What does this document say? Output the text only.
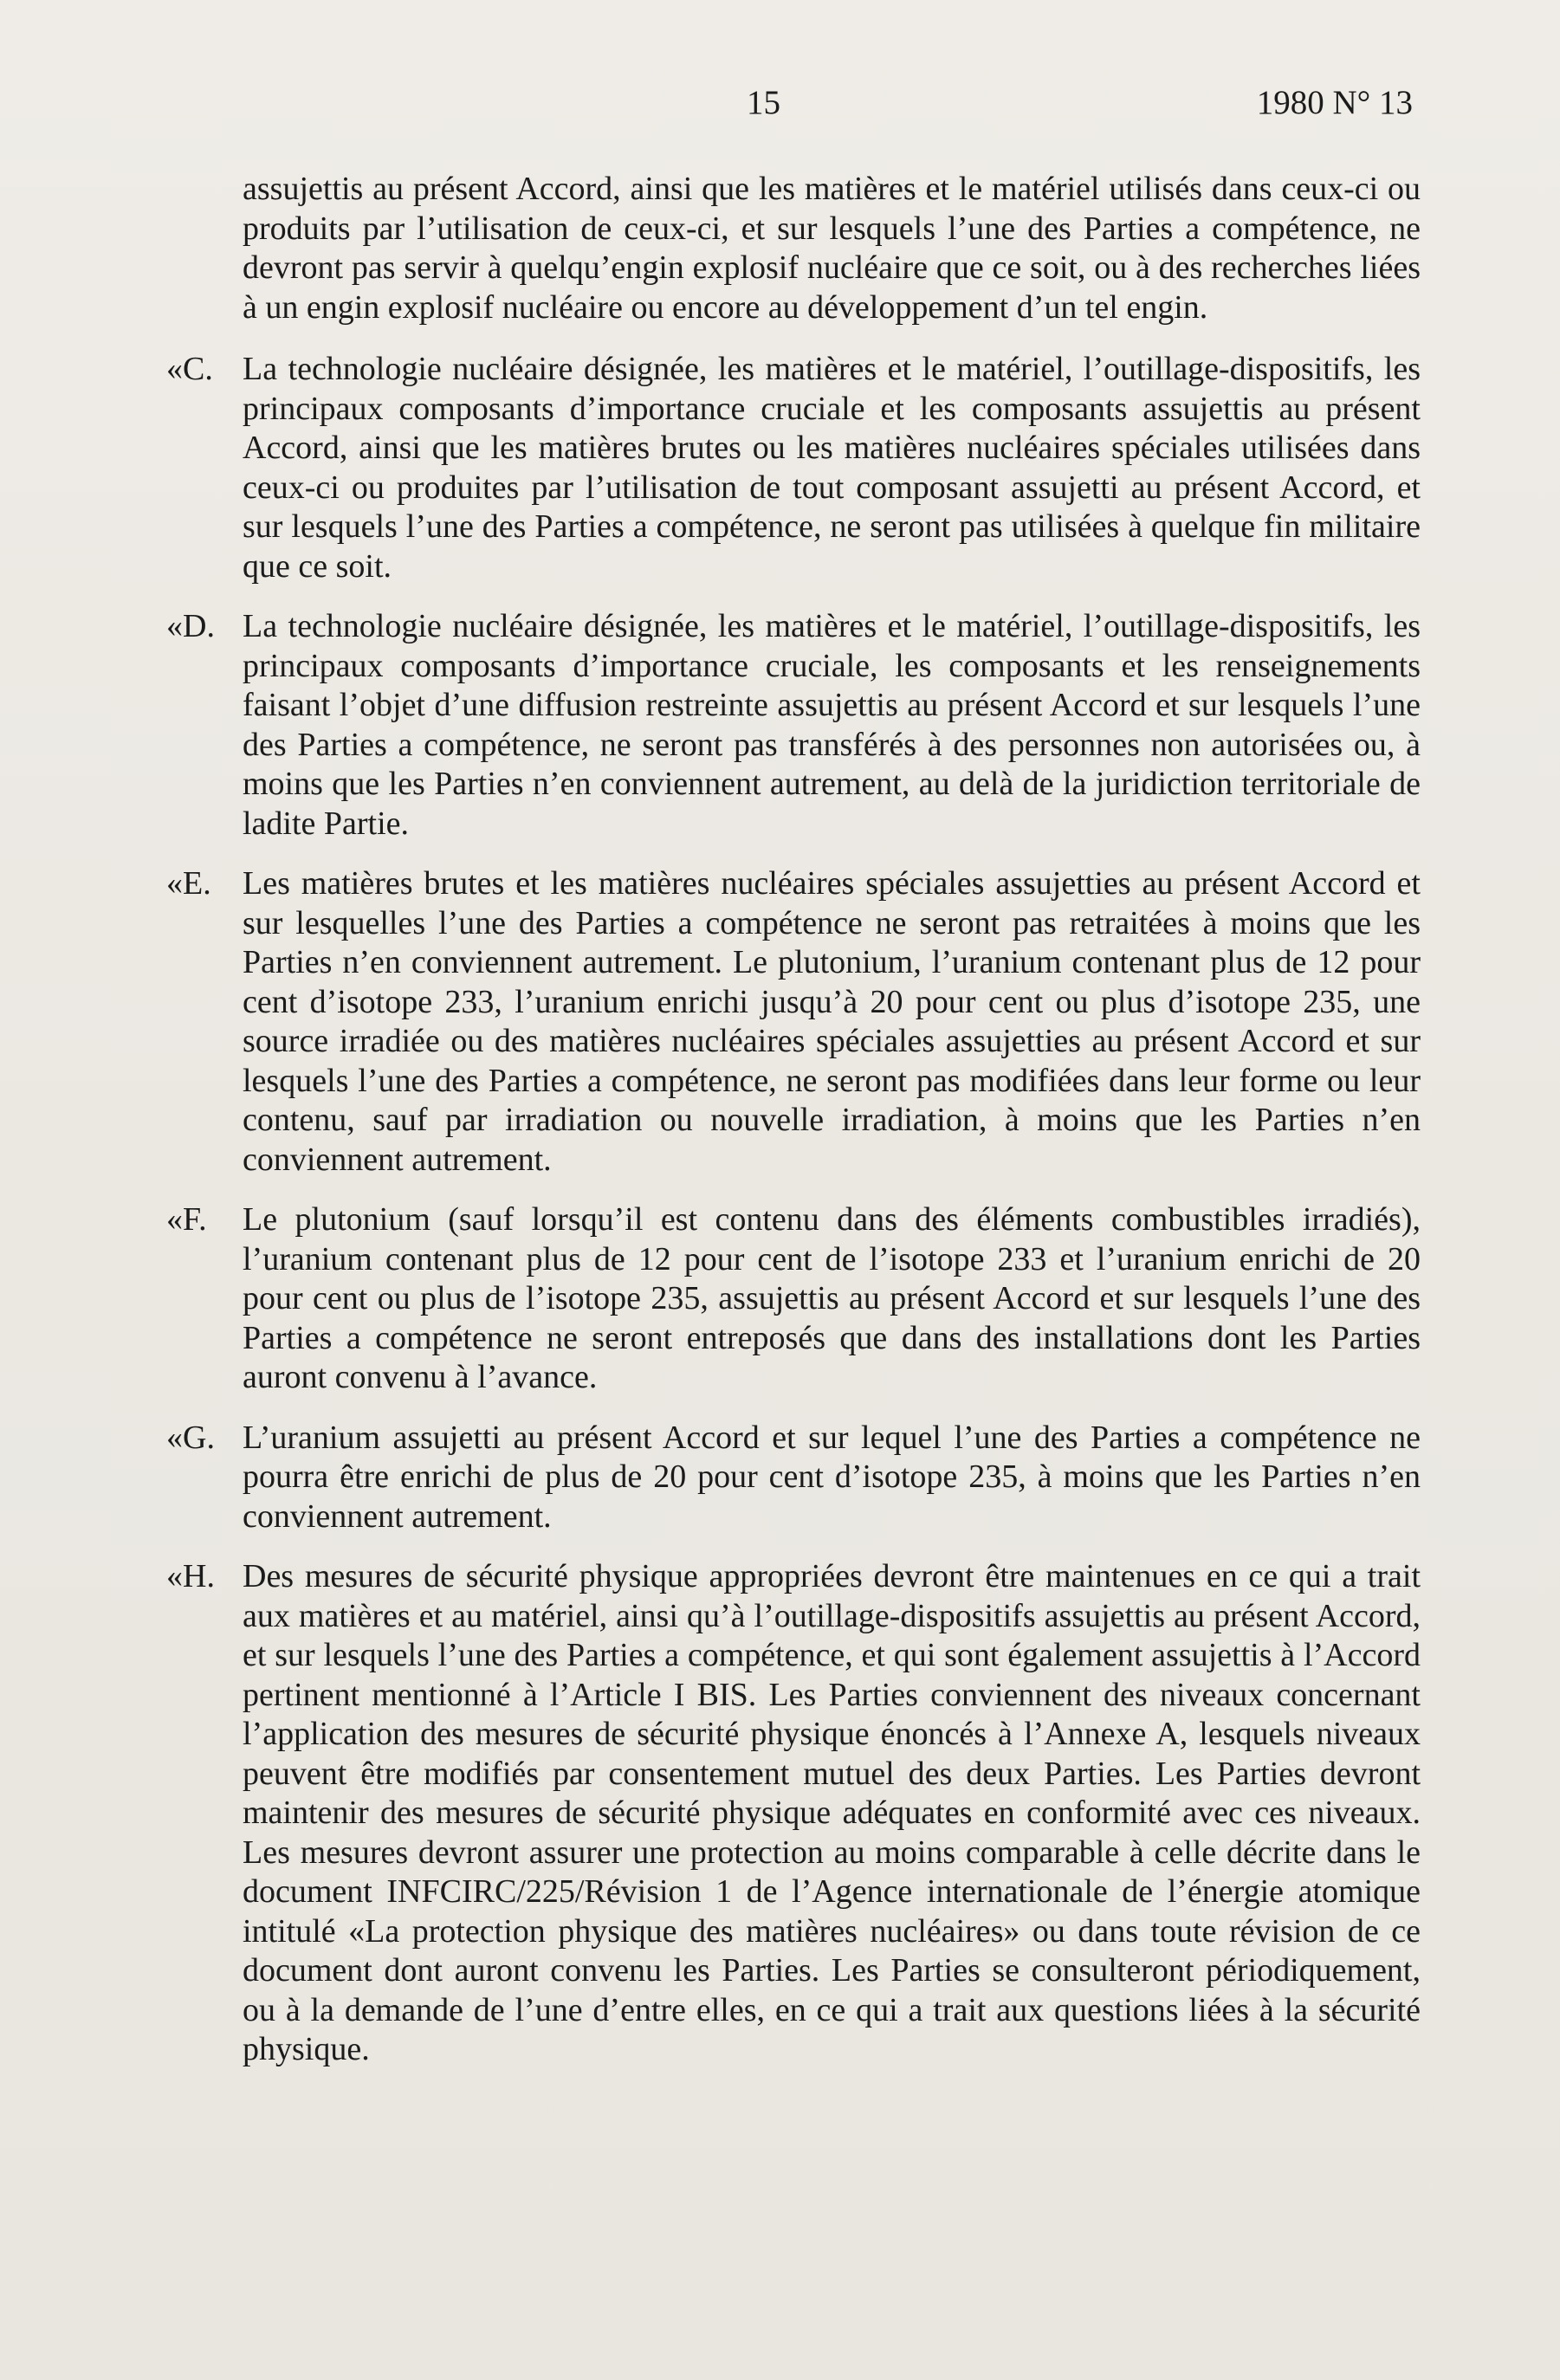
15	1980 N° 13

assujettis au présent Accord, ainsi que les matières et le matériel utilisés dans ceux-ci ou produits par l’utilisation de ceux-ci, et sur lesquels l’une des Parties a compétence, ne devront pas servir à quelqu’engin explosif nucléaire que ce soit, ou à des recherches liées à un engin explosif nucléaire ou encore au développement d’un tel engin.

«C. La technologie nucléaire désignée, les matières et le matériel, l’outillage-dispositifs, les principaux composants d’importance cruciale et les composants assujettis au présent Accord, ainsi que les matières brutes ou les matières nucléaires spéciales utilisées dans ceux-ci ou produites par l’utilisation de tout composant assujetti au présent Accord, et sur lesquels l’une des Parties a compétence, ne seront pas utilisées à quelque fin militaire que ce soit.

«D. La technologie nucléaire désignée, les matières et le matériel, l’outillage-dispositifs, les principaux composants d’importance cruciale, les composants et les renseignements faisant l’objet d’une diffusion restreinte assujettis au présent Accord et sur lesquels l’une des Parties a compétence, ne seront pas transférés à des personnes non autorisées ou, à moins que les Parties n’en conviennent autrement, au delà de la juridiction territoriale de ladite Partie.

«E. Les matières brutes et les matières nucléaires spéciales assujetties au présent Accord et sur lesquelles l’une des Parties a compétence ne seront pas retraitées à moins que les Parties n’en conviennent autrement. Le plutonium, l’uranium contenant plus de 12 pour cent d’isotope 233, l’uranium enrichi jusqu’à 20 pour cent ou plus d’isotope 235, une source irradiée ou des matières nucléaires spéciales assujetties au présent Accord et sur lesquels l’une des Parties a compétence, ne seront pas modifiées dans leur forme ou leur contenu, sauf par irradiation ou nouvelle irradiation, à moins que les Parties n’en conviennent autrement.

«F. Le plutonium (sauf lorsqu’il est contenu dans des éléments combustibles irradiés), l’uranium contenant plus de 12 pour cent de l’isotope 233 et l’uranium enrichi de 20 pour cent ou plus de l’isotope 235, assujettis au présent Accord et sur lesquels l’une des Parties a compétence ne seront entreposés que dans des installations dont les Parties auront convenu à l’avance.

«G. L’uranium assujetti au présent Accord et sur lequel l’une des Parties a compétence ne pourra être enrichi de plus de 20 pour cent d’isotope 235, à moins que les Parties n’en conviennent autrement.

«H. Des mesures de sécurité physique appropriées devront être maintenues en ce qui a trait aux matières et au matériel, ainsi qu’à l’outillage-dispositifs assujettis au présent Accord, et sur lesquels l’une des Parties a compétence, et qui sont également assujettis à l’Accord pertinent mentionné à l’Article I BIS. Les Parties conviennent des niveaux concernant l’application des mesures de sécurité physique énoncés à l’Annexe A, lesquels niveaux peuvent être modifiés par consentement mutuel des deux Parties. Les Parties devront maintenir des mesures de sécurité physique adéquates en conformité avec ces niveaux. Les mesures devront assurer une protection au moins comparable à celle décrite dans le document INFCIRC/225/Révision 1 de l’Agence internationale de l’énergie atomique intitulé «La protection physique des matières nucléaires» ou dans toute révision de ce document dont auront convenu les Parties. Les Parties se consulteront périodiquement, ou à la demande de l’une d’entre elles, en ce qui a trait aux questions liées à la sécurité physique.
